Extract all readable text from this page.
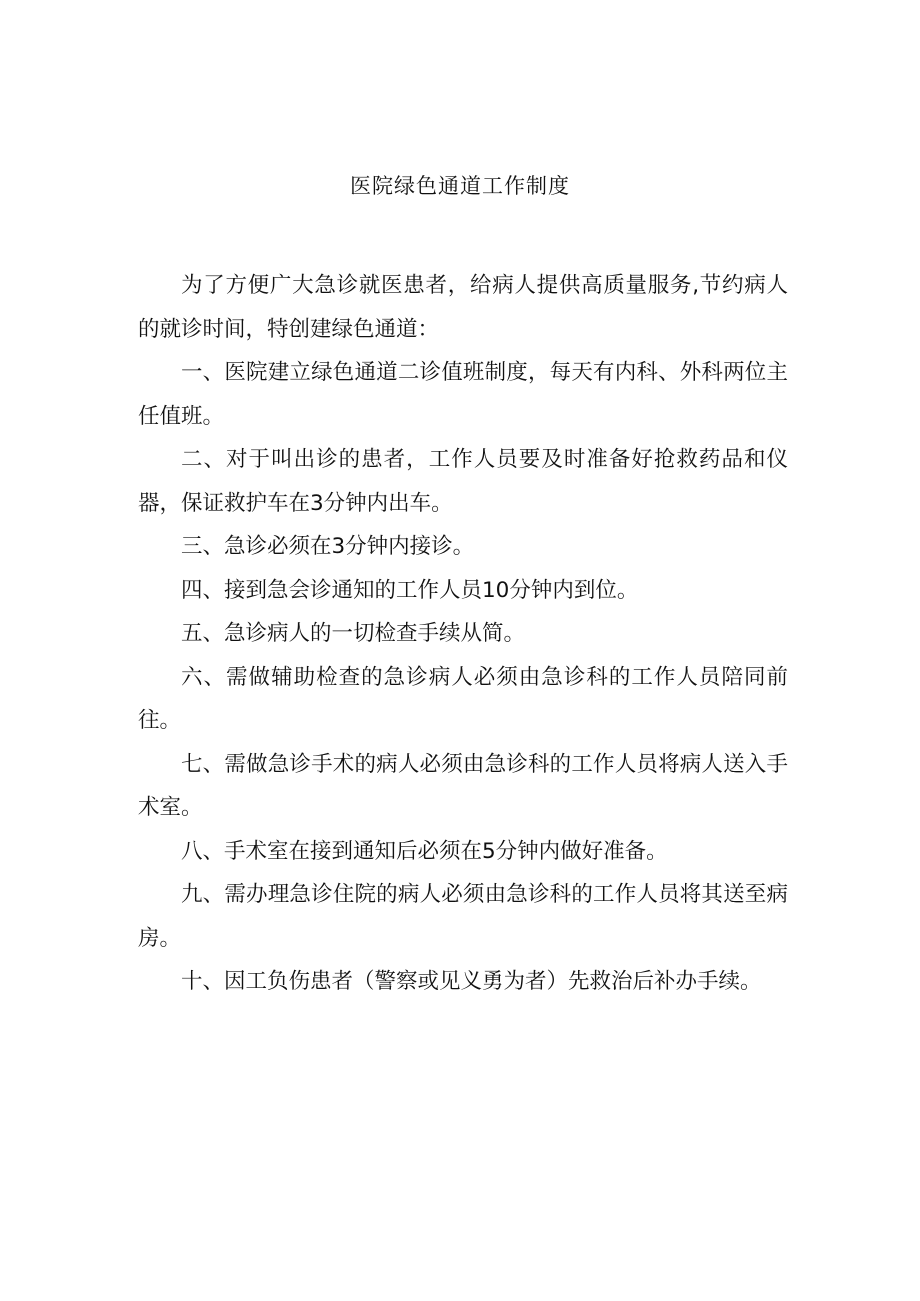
医院绿色通道工作制度

为了方便广大急诊就医患者，给病人提供高质量服务,节约病人的就诊时间，特创建绿色通道：

一、医院建立绿色通道二诊值班制度，每天有内科、外科两位主任值班。

二、对于叫出诊的患者，工作人员要及时准备好抢救药品和仪器，保证救护车在3分钟内出车。

三、急诊必须在3分钟内接诊。

四、接到急会诊通知的工作人员10分钟内到位。

五、急诊病人的一切检查手续从简。

六、需做辅助检查的急诊病人必须由急诊科的工作人员陪同前往。

七、需做急诊手术的病人必须由急诊科的工作人员将病人送入手术室。

八、手术室在接到通知后必须在5分钟内做好准备。

九、需办理急诊住院的病人必须由急诊科的工作人员将其送至病房。

十、因工负伤患者（警察或见义勇为者）先救治后补办手续。
